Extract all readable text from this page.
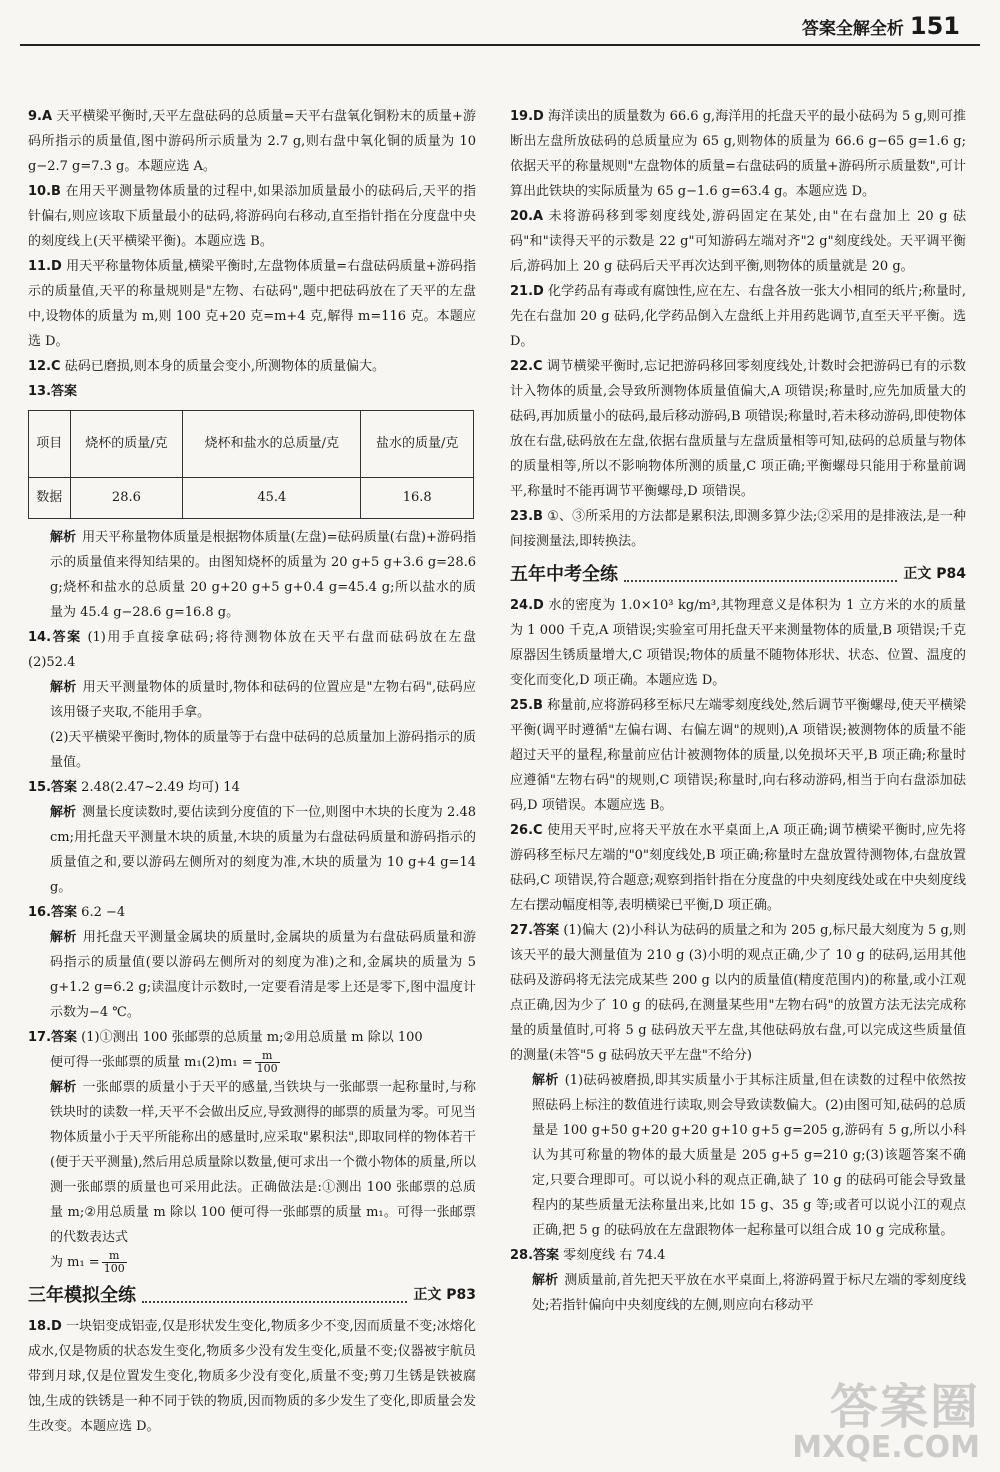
答案全解全析 151

9.A 天平横梁平衡时,天平左盘砝码的总质量=天平右盘氧化铜粉末的质量+游码所指示的质量值,图中游码所示质量为 2.7 g,则右盘中氧化铜的质量为 10 g−2.7 g=7.3 g。本题应选 A。

10.B 在用天平测量物体质量的过程中,如果添加质量最小的砝码后,天平的指针偏右,则应该取下质量最小的砝码,将游码向右移动,直至指针指在分度盘中央的刻度线上(天平横梁平衡)。本题应选 B。

11.D 用天平称量物体质量,横梁平衡时,左盘物体质量=右盘砝码质量+游码指示的质量值,天平的称量规则是"左物、右砝码",题中把砝码放在了天平的左盘中,设物体的质量为 m,则 100 克+20 克=m+4 克,解得 m=116 克。本题应选 D。

12.C 砝码已磨损,则本身的质量会变小,所测物体的质量偏大。

13.答案

项目	烧杯的质量/克	烧杯和盐水的总质量/克	盐水的质量/克
数据	28.6	45.4	16.8

解析 用天平称量物体质量是根据物体质量(左盘)=砝码质量(右盘)+游码指示的质量值来得知结果的。由图知烧杯的质量为 20 g+5 g+3.6 g=28.6 g;烧杯和盐水的总质量 20 g+20 g+5 g+0.4 g=45.4 g;所以盐水的质量为 45.4 g−28.6 g=16.8 g。

14.答案 (1)用手直接拿砝码;将待测物体放在天平右盘而砝码放在左盘 (2)52.4

解析 用天平测量物体的质量时,物体和砝码的位置应是"左物右码",砝码应该用镊子夹取,不能用手拿。

(2)天平横梁平衡时,物体的质量等于右盘中砝码的总质量加上游码指示的质量值。

15.答案 2.48(2.47~2.49 均可) 14

解析 测量长度读数时,要估读到分度值的下一位,则图中木块的长度为 2.48 cm;用托盘天平测量木块的质量,木块的质量为右盘砝码质量和游码指示的质量值之和,要以游码左侧所对的刻度为准,木块的质量为 10 g+4 g=14 g。

16.答案 6.2 −4

解析 用托盘天平测量金属块的质量时,金属块的质量为右盘砝码质量和游码指示的质量值(要以游码左侧所对的刻度为准)之和,金属块的质量为 5 g+1.2 g=6.2 g;读温度计示数时,一定要看清是零上还是零下,图中温度计示数为−4 ℃。

17.答案 (1)①测出 100 张邮票的总质量 m;②用总质量 m 除以 100

便可得一张邮票的质量 $m_1(2)m_1 = \frac{m}{100}$

解析 一张邮票的质量小于天平的感量,当铁块与一张邮票一起称量时,与称铁块时的读数一样,天平不会做出反应,导致测得的邮票的质量为零。可见当物体质量小于天平所能称出的感量时,应采取"累积法",即取同样的物体若干(便于天平测量),然后用总质量除以数量,便可求出一个微小物体的质量,所以测一张邮票的质量也可采用此法。正确做法是:①测出 100 张邮票的总质量 m;②用总质量 m 除以 100 便可得一张邮票的质量 m₁。可得一张邮票的代数表达式

为 $m_1 = \frac{m}{100}$

三年模拟全练	正文 P83

18.D 一块铝变成铝壶,仅是形状发生变化,物质多少不变,因而质量不变;冰熔化成水,仅是物质的状态发生变化,物质多少没有发生变化,质量不变;仪器被宇航员带到月球,仅是位置发生变化,物质多少没有变化,质量不变;剪刀生锈是铁被腐蚀,生成的铁锈是一种不同于铁的物质,因而物质的多少发生了变化,即质量会发生改变。本题应选 D。

19.D 海洋读出的质量数为 66.6 g,海洋用的托盘天平的最小砝码为 5 g,则可推断出左盘所放砝码的总质量应为 65 g,则物体的质量为 66.6 g−65 g=1.6 g;依据天平的称量规则"左盘物体的质量=右盘砝码的质量+游码所示质量数",可计算出此铁块的实际质量为 65 g−1.6 g=63.4 g。本题应选 D。

20.A 未将游码移到零刻度线处,游码固定在某处,由"在右盘加上 20 g 砝码"和"读得天平的示数是 22 g"可知游码左端对齐"2 g"刻度线处。天平调平衡后,游码加上 20 g 砝码后天平再次达到平衡,则物体的质量就是 20 g。

21.D 化学药品有毒或有腐蚀性,应在左、右盘各放一张大小相同的纸片;称量时,先在右盘加 20 g 砝码,化学药品倒入左盘纸上并用药匙调节,直至天平平衡。选 D。

22.C 调节横梁平衡时,忘记把游码移回零刻度线处,计数时会把游码已有的示数计入物体的质量,会导致所测物体质量值偏大,A 项错误;称量时,应先加质量大的砝码,再加质量小的砝码,最后移动游码,B 项错误;称量时,若未移动游码,即使物体放在右盘,砝码放在左盘,依据右盘质量与左盘质量相等可知,砝码的总质量与物体的质量相等,所以不影响物体所测的质量,C 项正确;平衡螺母只能用于称量前调平,称量时不能再调节平衡螺母,D 项错误。

23.B ①、③所采用的方法都是累积法,即测多算少法;②采用的是排液法,是一种间接测量法,即转换法。

五年中考全练	正文 P84

24.D 水的密度为 1.0×10³ kg/m³,其物理意义是体积为 1 立方米的水的质量为 1 000 千克,A 项错误;实验室可用托盘天平来测量物体的质量,B 项错误;千克原器因生锈质量增大,C 项错误;物体的质量不随物体形状、状态、位置、温度的变化而变化,D 项正确。本题应选 D。

25.B 称量前,应将游码移至标尺左端零刻度线处,然后调节平衡螺母,使天平横梁平衡(调平时遵循"左偏右调、右偏左调"的规则),A 项错误;被测物体的质量不能超过天平的量程,称量前应估计被测物体的质量,以免损坏天平,B 项正确;称量时应遵循"左物右码"的规则,C 项错误;称量时,向右移动游码,相当于向右盘添加砝码,D 项错误。本题应选 B。

26.C 使用天平时,应将天平放在水平桌面上,A 项正确;调节横梁平衡时,应先将游码移至标尺左端的"0"刻度线处,B 项正确;称量时左盘放置待测物体,右盘放置砝码,C 项错误,符合题意;观察到指针指在分度盘的中央刻度线处或在中央刻度线左右摆动幅度相等,表明横梁已平衡,D 项正确。

27.答案 (1)偏大 (2)小科认为砝码的质量之和为 205 g,标尺最大刻度为 5 g,则该天平的最大测量值为 210 g (3)小明的观点正确,少了 10 g 的砝码,运用其他砝码及游码将无法完成某些 200 g 以内的质量值(精度范围内)的称量,或小江观点正确,因为少了 10 g 的砝码,在测量某些用"左物右码"的放置方法无法完成称量的质量值时,可将 5 g 砝码放天平左盘,其他砝码放右盘,可以完成这些质量值的测量(未答"5 g 砝码放天平左盘"不给分)

解析 (1)砝码被磨损,即其实质量小于其标注质量,但在读数的过程中依然按照砝码上标注的数值进行读取,则会导致读数偏大。(2)由图可知,砝码的总质量是 100 g+50 g+20 g+20 g+10 g+5 g=205 g,游码有 5 g,所以小科认为其可称量的物体的最大质量是 205 g+5 g=210 g;(3)该题答案不确定,只要合理即可。可以说小科的观点正确,缺了 10 g 的砝码可能会导致量程内的某些质量无法称量出来,比如 15 g、35 g 等;或者可以说小江的观点正确,把 5 g 的砝码放在左盘跟物体一起称量可以组合成 10 g 完成称量。

28.答案 零刻度线 右 74.4

解析 测质量前,首先把天平放在水平桌面上,将游码置于标尺左端的零刻度线处;若指针偏向中央刻度线的左侧,则应向右移动平

答案圈
MXQE.COM
